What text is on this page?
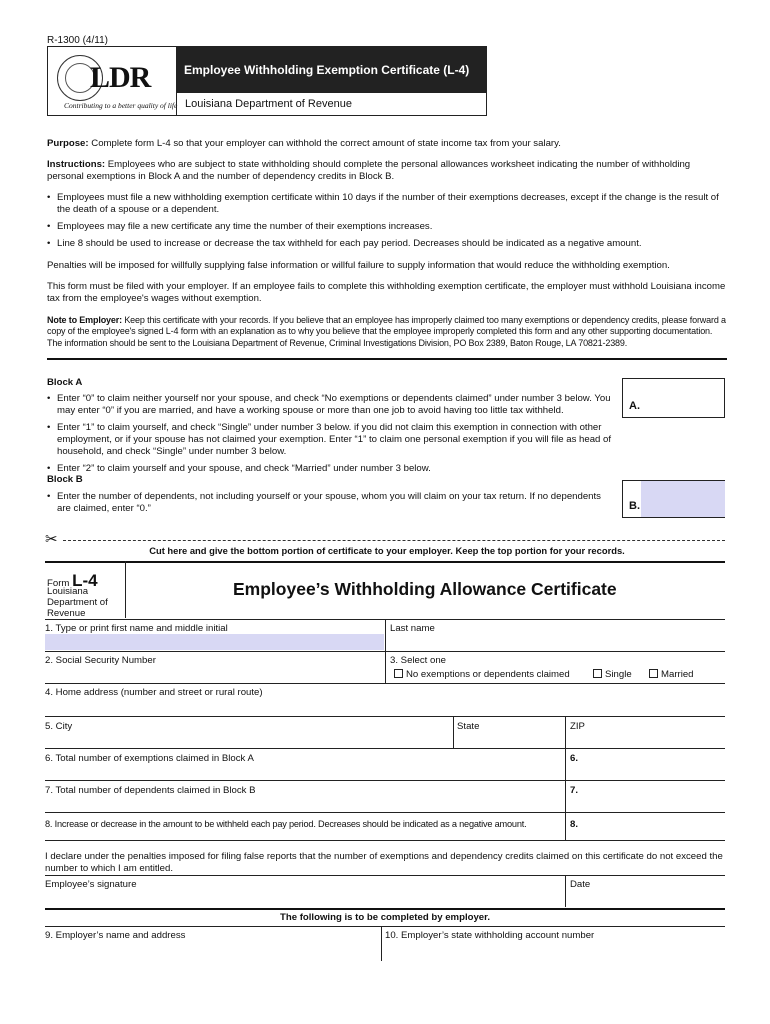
R-1300 (4/11)
LDR
Contributing to a better quality of life
Employee Withholding Exemption Certificate (L-4)
Louisiana Department of Revenue

Purpose: Complete form L-4 so that your employer can withhold the correct amount of state income tax from your salary.

Instructions: Employees who are subject to state withholding should complete the personal allowances worksheet indicating the number of withholding personal exemptions in Block A and the number of dependency credits in Block B.

• Employees must file a new withholding exemption certificate within 10 days if the number of their exemptions decreases, except if the change is the result of the death of a spouse or a dependent.
• Employees may file a new certificate any time the number of their exemptions increases.
• Line 8 should be used to increase or decrease the tax withheld for each pay period. Decreases should be indicated as a negative amount.

Penalties will be imposed for willfully supplying false information or willful failure to supply information that would reduce the withholding exemption.

This form must be filed with your employer. If an employee fails to complete this withholding exemption certificate, the employer must withhold Louisiana income tax from the employee's wages without exemption.

Note to Employer: Keep this certificate with your records. If you believe that an employee has improperly claimed too many exemptions or dependency credits, please forward a copy of the employee's signed L-4 form with an explanation as to why you believe that the employee improperly completed this form and any other supporting documentation. The information should be sent to the Louisiana Department of Revenue, Criminal Investigations Division, PO Box 2389, Baton Rouge, LA 70821-2389.

Block A
• Enter “0” to claim neither yourself nor your spouse, and check “No exemptions or dependents claimed” under number 3 below. You may enter “0” if you are married, and have a working spouse or more than one job to avoid having too little tax withheld.
• Enter “1” to claim yourself, and check “Single” under number 3 below. if you did not claim this exemption in connection with other employment, or if your spouse has not claimed your exemption. Enter “1” to claim one personal exemption if you will file as head of household, and check “Single” under number 3 below.
• Enter “2” to claim yourself and your spouse, and check “Married” under number 3 below.
A.
Block B
• Enter the number of dependents, not including yourself or your spouse, whom you will claim on your tax return. If no dependents are claimed, enter “0.”	B.
✂
Cut here and give the bottom portion of certificate to your employer. Keep the top portion for your records.
Form L-4
Louisiana
Department of
Revenue
Employee’s Withholding Allowance Certificate
1. Type or print first name and middle initial	Last name
2. Social Security Number	3. Select one
No exemptions or dependents claimed	Single	Married
4. Home address (number and street or rural route)
5. City	State	ZIP
6. Total number of exemptions claimed in Block A	6.
7. Total number of dependents claimed in Block B	7.
8. Increase or decrease in the amount to be withheld each pay period. Decreases should be indicated as a negative amount.	8.
I declare under the penalties imposed for filing false reports that the number of exemptions and dependency credits claimed on this certificate do not exceed the number to which I am entitled.
Employee’s signature	Date
The following is to be completed by employer.
9. Employer’s name and address	10. Employer’s state withholding account number
